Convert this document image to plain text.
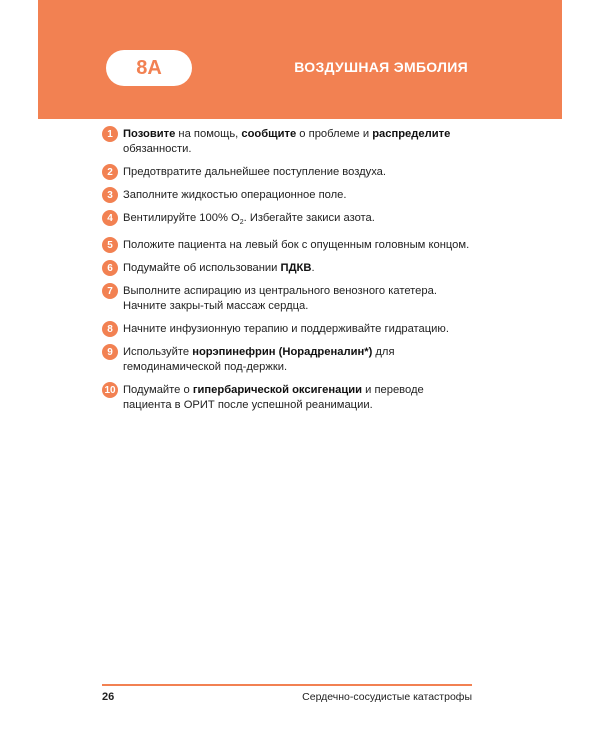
8A	ВОЗДУШНАЯ ЭМБОЛИЯ
1 Позовите на помощь, сообщите о проблеме и распределите обязанности.
2 Предотвратите дальнейшее поступление воздуха.
3 Заполните жидкостью операционное поле.
4 Вентилируйте 100% $O_2$. Избегайте закиси азота.
5 Положите пациента на левый бок с опущенным головным концом.
6 Подумайте об использовании ПДКВ.
7 Выполните аспирацию из центрального венозного катетера. Начните закры-тый массаж сердца.
8 Начните инфузионную терапию и поддерживайте гидратацию.
9 Используйте норэпинефрин (Норадреналин*) для гемодинамической под-держки.
10 Подумайте о гипербарической оксигенации и переводе пациента в ОРИТ после успешной реанимации.
26	Сердечно-сосудистые катастрофы
